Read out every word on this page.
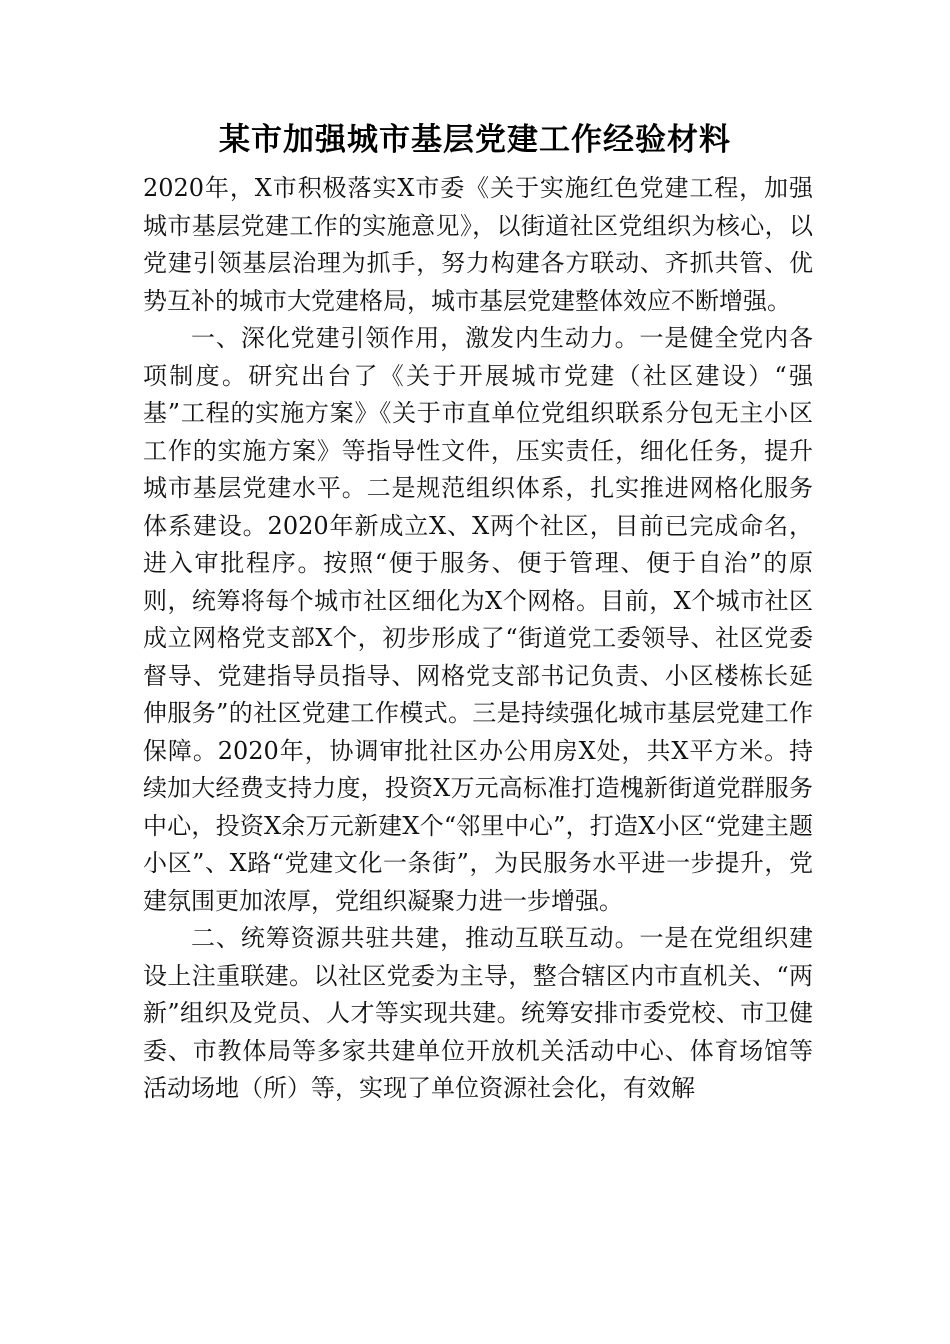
某市加强城市基层党建工作经验材料

2020年，X市积极落实X市委《关于实施红色党建工程，加强城市基层党建工作的实施意见》，以街道社区党组织为核心，以党建引领基层治理为抓手，努力构建各方联动、齐抓共管、优势互补的城市大党建格局，城市基层党建整体效应不断增强。

一、深化党建引领作用，激发内生动力。一是健全党内各项制度。研究出台了《关于开展城市党建（社区建设）“强基”工程的实施方案》《关于市直单位党组织联系分包无主小区工作的实施方案》等指导性文件，压实责任，细化任务，提升城市基层党建水平。二是规范组织体系，扎实推进网格化服务体系建设。2020年新成立X、X两个社区，目前已完成命名，进入审批程序。按照“便于服务、便于管理、便于自治”的原则，统筹将每个城市社区细化为X个网格。目前，X个城市社区成立网格党支部X个，初步形成了“街道党工委领导、社区党委督导、党建指导员指导、网格党支部书记负责、小区楼栋长延伸服务”的社区党建工作模式。三是持续强化城市基层党建工作保障。2020年，协调审批社区办公用房X处，共X平方米。持续加大经费支持力度，投资X万元高标准打造槐新街道党群服务中心，投资X余万元新建X个“邻里中心”，打造X小区“党建主题小区”、X路“党建文化一条街”，为民服务水平进一步提升，党建氛围更加浓厚，党组织凝聚力进一步增强。

二、统筹资源共驻共建，推动互联互动。一是在党组织建设上注重联建。以社区党委为主导，整合辖区内市直机关、“两新”组织及党员、人才等实现共建。统筹安排市委党校、市卫健委、市教体局等多家共建单位开放机关活动中心、体育场馆等活动场地（所）等，实现了单位资源社会化，有效解
